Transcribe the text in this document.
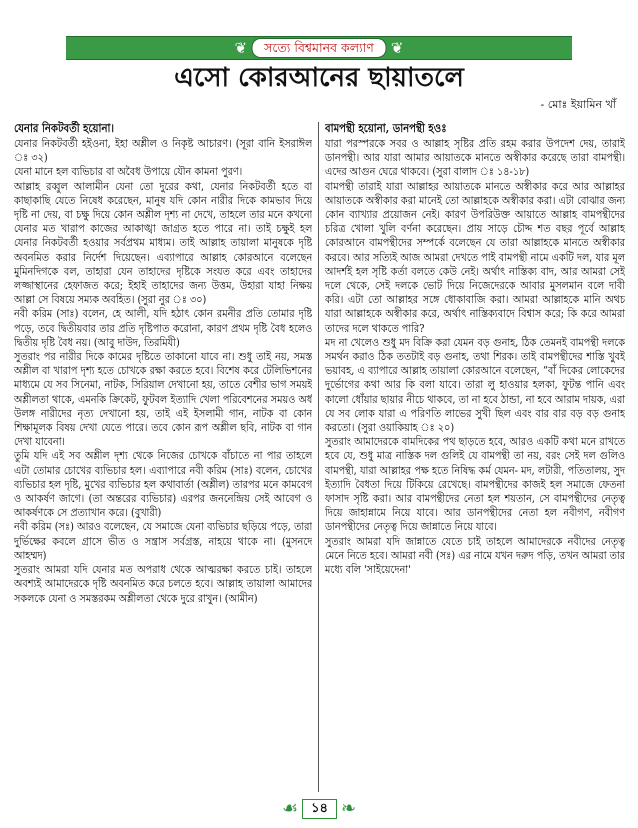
❦	সত্যে বিশ্বমানব কল্যাণ	❦
এসো কোরআনের ছায়াতলে
- মোঃ ইয়ামিন খাঁ
যেনার নিকটবর্তী হয়োনা।

যেনার নিকটবর্তী হইওনা, ইহা অশ্লীল ও নিকৃষ্ট আচারণ। (সূরা বানি ইসরাঈল ঃ ৩২)

যেনা মানে হল ব্যভিচার বা অবৈধ উপায়ে যৌন কামনা পুরণ।

আল্লাহ রব্বুল আলামীন যেনা তো দুরের কথা, যেনার নিকটবর্তী হতে বা কাছাকাছি যেতে নিষেধ করেছেন, মানুষ যদি কোন নারীর দিকে কামভাব দিয়ে দৃষ্টি না দেয়, বা চক্ষু দিয়ে কোন অশ্লীল দৃশ্য না দেখে, তাহলে তার মনে কখনো যেনার মত খারাপ কাজের আকাঙ্খা জাগ্রত হতে পারে না। তাই চক্ষুই হল যেনার নিকটবর্তী হওয়ার সর্বপ্রথম মাধ্যম। তাই আল্লাহ তায়ালা মানুষকে দৃষ্টি অবনমিত করার নির্দেশ দিয়েছেন। এব্যাপারে আল্লাহ কোরআনে বলেছেন মুমিনদিগকে বল, তাহারা যেন তাহাদের দৃষ্টিকে সংযত করে এবং তাহাদের লজ্জাস্থানের হেফাজত করে; ইহাই তাহাদের জন্য উত্তম, উহারা যাহা নিক্ষয় আল্লা সে বিষয়ে সম্যক অবহিত। (সুরা নুর ঃ ৩০)

নবী করিম (সাঃ) বলেন, হে আলী, যদি হঠাৎ কোন রমনীর প্রতি তোমার দৃষ্টি পড়ে, তবে দ্বিতীয়বার তার প্রতি দৃষ্টিপাত করোনা, কারণ প্রথম দৃষ্টি বৈধ হলেও দ্বিতীয় দৃষ্টি বৈধ নয়। (আবু দাউদ, তিরমিযী)

সুতরাং পর নারীর দিকে কামের দৃষ্টিতে তাকানো যাবে না। শুধু তাই নয়, সমস্ত অশ্লীল বা খারাপ দৃশ্য হতে চোখকে রক্ষা করতে হবে। বিশেষ করে টেলিভিশনের মাধ্যমে যে সব সিনেমা, নাটক, সিরিয়াল দেখানো হয়, তাতে বেশীর ভাগ সময়ই অশ্লীলতা থাকে, এমনকি ক্রিকেট, ফুটবল ইত্যাদি খেলা পরিবেশনের সময়ও অর্ধ উলঙ্গ নারীদের নৃত্য দেখানো হয়, তাই এই ইসলামী গান, নাটক বা কোন শিক্ষামূলক বিষয় দেখা যেতে পারে। তবে কোন রূপ অশ্লীল ছবি, নাটক বা গান দেখা যাবেনা।

তুমি যদি এই সব অশ্লীল দৃশ্য থেকে নিজের চোখকে বাঁচাতে না পার তাহলে এটা তোমার চোখের ব্যভিচার হল। এব্যাপারে নবী করিম (সাঃ) বলেন, চোখের ব্যভিচার হল দৃষ্টি, মুখের ব্যভিচার হল কথাবার্তা (অশ্লীল) তারপর মনে কামবেগ ও আকর্ষণ জাগে। (তা অন্তরের ব্যভিচার) এরপর জননেন্দ্রিয় সেই আবেগ ও আকর্ষণকে সে প্রত্যাখান করে। (বুখারী)

নবী করিম (সঃ) আরও বলেছেন, যে সমাজে যেনা ব্যভিচার ছড়িয়ে পড়ে, তারা দুর্ভিক্ষের কবলে গ্রাসে ভীত ও সন্ত্রাস সর্বগ্রস্ত, নাহয়ে থাকে না। (মুসনদে আহম্মদ)

সুতরাং আমরা যদি যেনার মত অপরাধ থেকে আত্মরক্ষা করতে চাই। তাহলে অবশ্যই আমাদেরকে দৃষ্টি অবনমিত করে চলতে হবে। আল্লাহ তায়ালা আমাদের সকলকে যেনা ও সমস্তরকম অশ্লীলতা থেকে দুরে রাখুন। (আমীন)

বামপন্থী হয়োনা, ডানপন্থী হওঃ

যারা পরস্পরকে সবর ও আল্লাহ সৃষ্টির প্রতি রহম করার উপদেশ দেয়, তারাই ডানপন্থী। আর যারা আমার আয়াতকে মানতে অস্বীকার করেছে তারা বামপন্থী। এদের আগুন ঘেরে থাকবে। (সুরা বালাদ ঃ ১৪-১৮)

বামপন্থী তারাই যারা আল্লাহর আয়াতকে মানতে অস্বীকার করে আর আল্লাহর আয়াতকে অস্বীকার করা মানেই তো আল্লাহকে অস্বীকার করা। এটা বোঝার জন্য কোন ব্যাখ্যার প্রয়োজন নেই। কারণ উপরিউক্ত আয়াতে আল্লাহ বামপন্থীদের চরিত্র খোলা খুলি বর্ণনা করেছেন। প্রায় সাড়ে চৌদ্দ শত বছর পূর্বে আল্লাহ কোরআনে বামপন্থীদের সম্পর্কে বলেছেন যে তারা আল্লাহকে মানতে অস্বীকার করবে। আর সত্যিই আজ আমরা দেখতে পাই বামপন্থী নামে একটি দল, যার মূল আদর্শই হল সৃষ্টি কর্তা বলতে কেউ নেই। অর্থাৎ নাস্তিক্য বাদ, আর আমরা সেই দলে থেকে, সেই দলকে ভোট দিয়ে নিজেদেরকে আবার মুসলমান বলে দাবী করি। এটা তো আল্লাহর সঙ্গে ধোকাবাজি করা। আমরা আল্লাহকে মানি অথচ যারা আল্লাহকে অস্বীকার করে, অর্থাৎ নাস্তিক্যবাদে বিশ্বাস করে; কি করে আমরা তাদের দলে থাকতে পারি?

মদ না খেলেও শুধু মদ বিক্রি করা যেমন বড় গুনাহ, ঠিক তেমনই বামপন্থী দলকে সমর্থন করাও ঠিক ততটাই বড় গুনাহ, তথা শিরক। তাই বামপন্থীদের শাস্তি খুবই ভয়াবহ, এ ব্যাপারে আল্লাহ তায়ালা কোরআনে বলেছেন, “বাঁ দিকের লোকেদের দুর্ভোগের কথা আর কি বলা যাবে। তারা লু হাওয়ার হলকা, ফুটন্ত পানি এবং কালো ধোঁয়ার ছায়ার নীচে থাকবে, তা না হবে ঠান্ডা, না হবে আরাম দায়ক, এরা যে সব লোক যারা এ পরিণতি লাভের সুখী ছিল এবং বার বার বড় বড় গুনাহ করতো। (সুরা ওয়াকিয়াহ ঃ ২০)

সুতরাং আমাদেরকে বামদিকের পথ ছাড়তে হবে, আরও একটি কথা মনে রাখতে হবে যে, শুধু মাত্র নাস্তিক দল গুলিই যে বামপন্থী তা নয়, বরং সেই দল গুলিও বামপন্থী, যারা আল্লাহর পক্ষ হতে নিষিদ্ধ কর্ম যেমন- মদ, লটারী, পতিতালয়, সুদ ইত্যাদি বৈধতা দিয়ে টিকিয়ে রেখেছে। বামপন্থীদের কাজই হল সমাজে ফেতনা ফাসাদ সৃষ্টি করা। আর বামপন্থীদের নেতা হল শয়তান, সে বামপন্থীদের নেতৃত্ব দিয়ে জাহান্নামে নিয়ে যাবে। আর ডানপন্থীদের নেতা হল নবীগণ, নবীগণ ডানপন্থীদের নেতৃত্ব দিয়ে জান্নাতে নিয়ে যাবে।

সুতরাং আমরা যদি জান্নাতে যেতে চাই তাহলে আমাদেরকে নবীদের নেতৃত্ব মেনে নিতে হবে। আমরা নবী (সঃ) এর নামে যখন দরুদ পড়ি, তখন আমরা তার মধ্যে বলি 'সাইয়েদেনা'

☙	১৪ ❧
